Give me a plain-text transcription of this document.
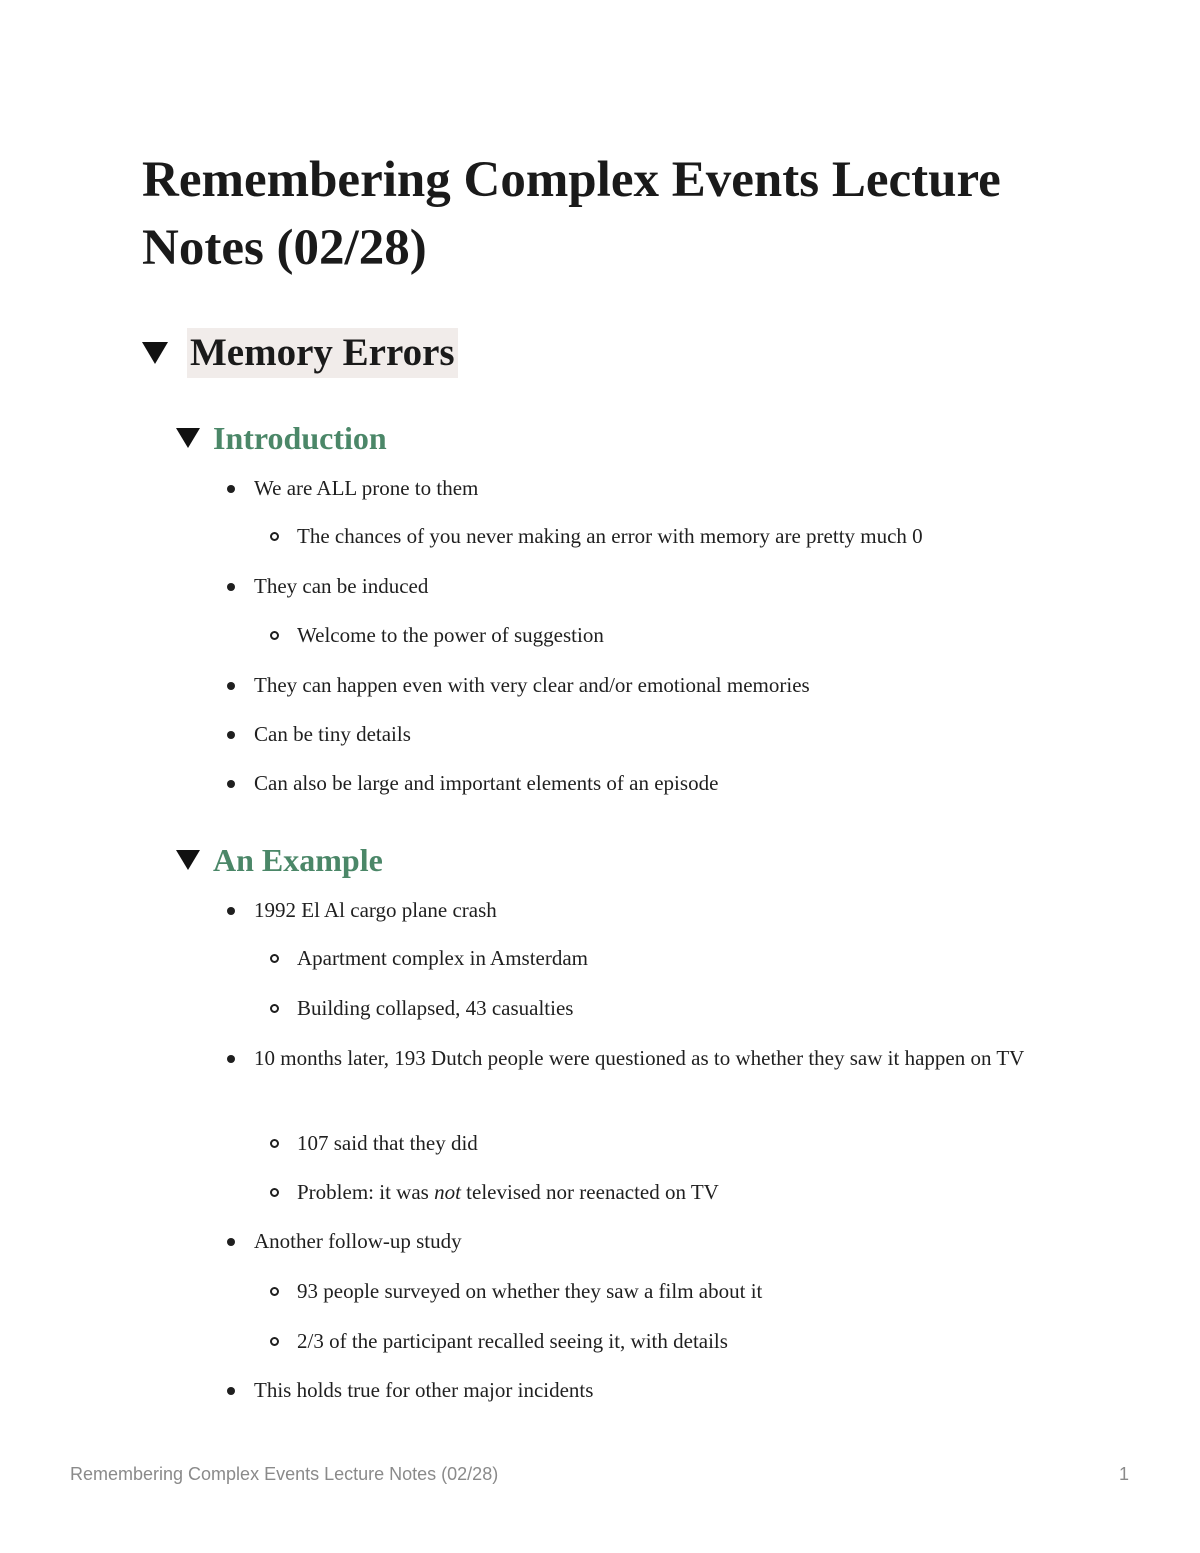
Remembering Complex Events Lecture Notes (02/28)
Memory Errors
Introduction
We are ALL prone to them
The chances of you never making an error with memory are pretty much 0
They can be induced
Welcome to the power of suggestion
They can happen even with very clear and/or emotional memories
Can be tiny details
Can also be large and important elements of an episode
An Example
1992 El Al cargo plane crash
Apartment complex in Amsterdam
Building collapsed, 43 casualties
10 months later, 193 Dutch people were questioned as to whether they saw it happen on TV
107 said that they did
Problem: it was not televised nor reenacted on TV
Another follow-up study
93 people surveyed on whether they saw a film about it
2/3 of the participant recalled seeing it, with details
This holds true for other major incidents
Remembering Complex Events Lecture Notes (02/28)	1
